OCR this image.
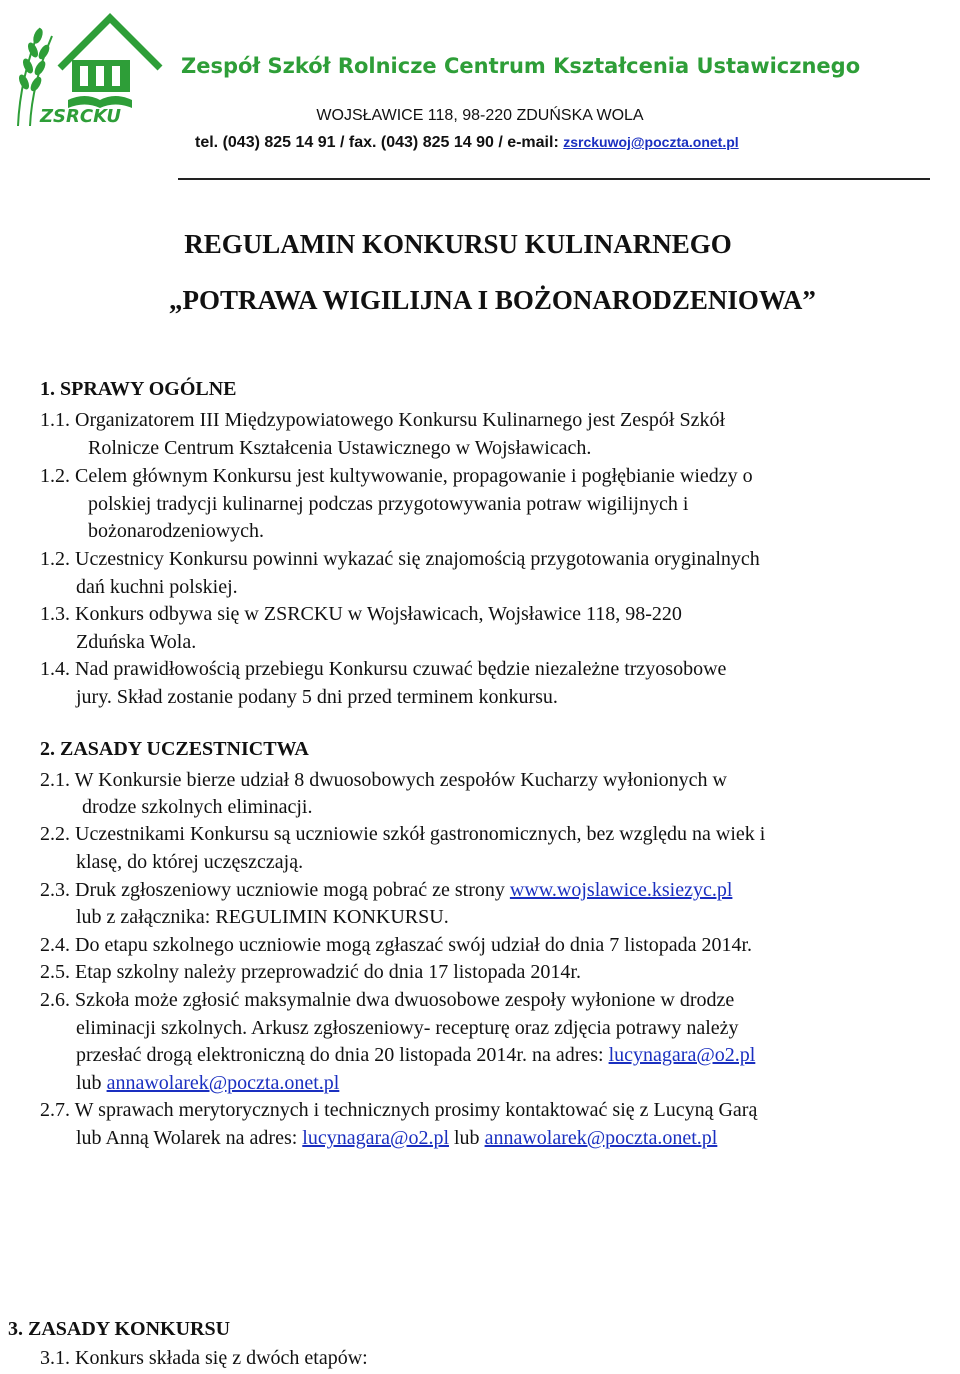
ZSRCKU
Zespół Szkół Rolnicze Centrum Kształcenia Ustawicznego
WOJSŁAWICE 118, 98-220 ZDUŃSKA WOLA
tel. (043) 825 14 91 / fax. (043) 825 14 90 / e-mail: zsrckuwoj@poczta.onet.pl
REGULAMIN KONKURSU KULINARNEGO
„POTRAWA WIGILIJNA I BOŻONARODZENIOWA”
1. SPRAWY OGÓLNE
1.1. Organizatorem III Międzypowiatowego Konkursu Kulinarnego jest Zespół Szkół
Rolnicze Centrum Kształcenia Ustawicznego w Wojsławicach.
1.2. Celem głównym Konkursu jest kultywowanie, propagowanie i pogłębianie wiedzy o
polskiej tradycji kulinarnej podczas przygotowywania potraw wigilijnych i
bożonarodzeniowych.
1.2. Uczestnicy Konkursu powinni wykazać się znajomością przygotowania oryginalnych
dań kuchni polskiej.
1.3. Konkurs odbywa się w ZSRCKU w Wojsławicach, Wojsławice 118, 98-220
Zduńska Wola.
1.4. Nad prawidłowością przebiegu Konkursu czuwać będzie niezależne trzyosobowe
jury. Skład zostanie podany 5 dni przed terminem konkursu.
2. ZASADY UCZESTNICTWA
2.1. W Konkursie bierze udział 8 dwuosobowych zespołów Kucharzy wyłonionych w
drodze szkolnych eliminacji.
2.2. Uczestnikami Konkursu są uczniowie szkół gastronomicznych, bez względu na wiek i
klasę, do której uczęszczają.
2.3. Druk zgłoszeniowy uczniowie mogą pobrać ze strony www.wojslawice.ksiezyc.pl
lub z załącznika: REGULIMIN KONKURSU.
2.4. Do etapu szkolnego uczniowie mogą zgłaszać swój udział do dnia 7 listopada 2014r.
2.5. Etap szkolny należy przeprowadzić do dnia 17 listopada 2014r.
2.6. Szkoła może zgłosić maksymalnie dwa dwuosobowe zespoły wyłonione w drodze
eliminacji szkolnych. Arkusz zgłoszeniowy- recepturę oraz zdjęcia potrawy należy
przesłać drogą elektroniczną do dnia 20 listopada 2014r. na adres: lucynagara@o2.pl
lub annawolarek@poczta.onet.pl
2.7. W sprawach merytorycznych i technicznych prosimy kontaktować się z Lucyną Garą
lub Anną Wolarek na adres: lucynagara@o2.pl lub annawolarek@poczta.onet.pl
3. ZASADY KONKURSU
3.1. Konkurs składa się z dwóch etapów:
